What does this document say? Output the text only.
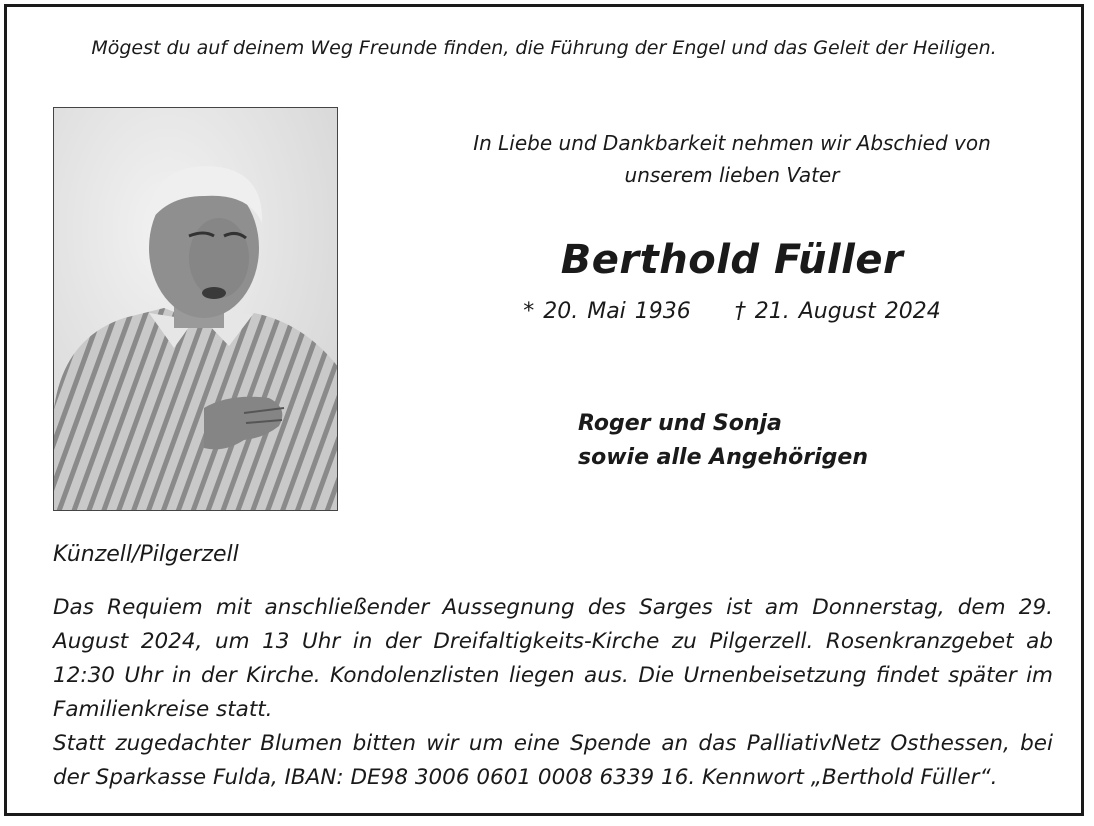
Mögest du auf deinem Weg Freunde finden, die Führung der Engel und das Geleit der Heiligen.
In Liebe und Dankbarkeit nehmen wir Abschied von
unserem lieben Vater
Berthold Füller
* 20. Mai 1936 † 21. August 2024
Roger und Sonja
sowie alle Angehörigen
Künzell/Pilgerzell

Das Requiem mit anschließender Aussegnung des Sarges ist am Donnerstag, dem 29. August 2024, um 13 Uhr in der Dreifaltigkeits-Kirche zu Pilgerzell. Rosenkranzgebet ab 12:30 Uhr in der Kirche. Kondolenzlisten liegen aus. Die Urnenbeisetzung findet später im Familienkreise statt.

Statt zugedachter Blumen bitten wir um eine Spende an das PalliativNetz Osthessen, bei der Sparkasse Fulda, IBAN: DE98 3006 0601 0008 6339 16. Kennwort „Berthold Füller“.
